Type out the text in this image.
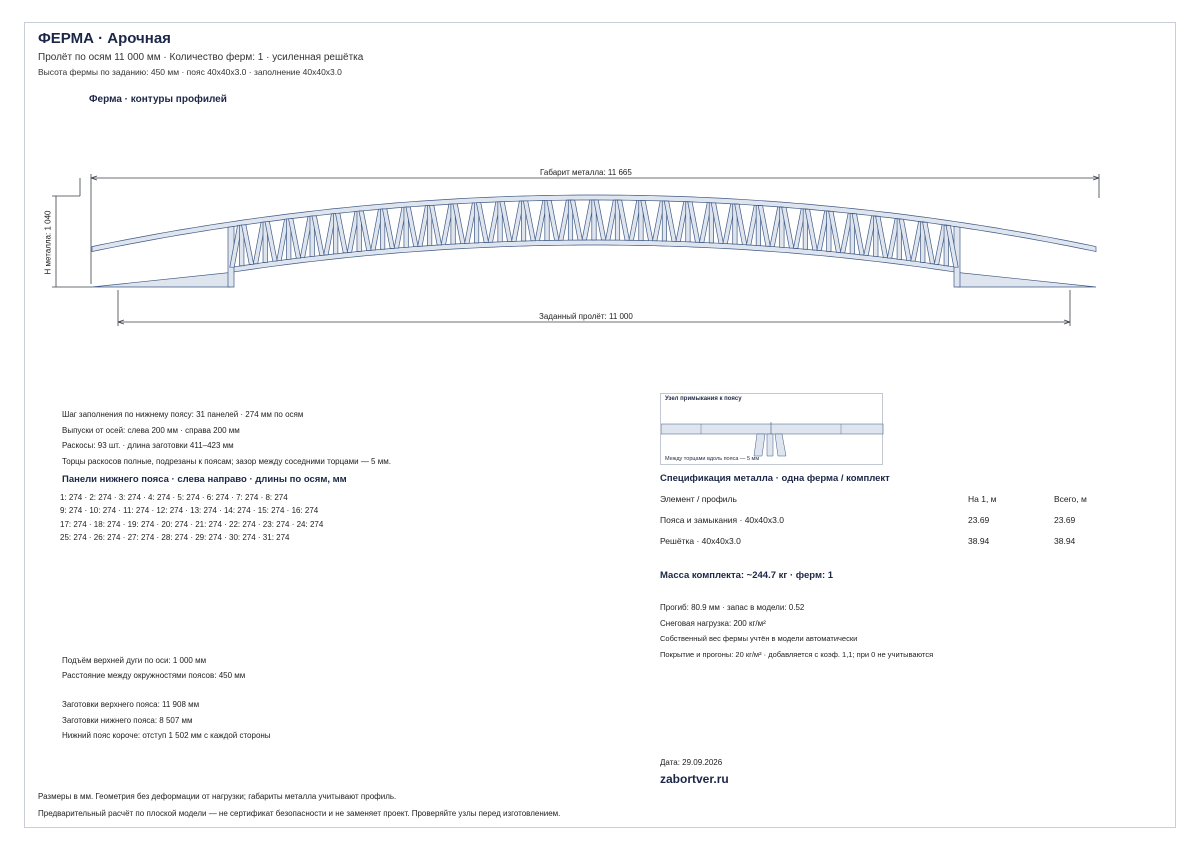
ФЕРМА · Арочная
Пролёт по осям 11 000 мм · Количество ферм: 1 · усиленная решётка
Высота фермы по заданию: 450 мм · пояс 40x40x3.0 · заполнение 40x40x3.0
Ферма · контуры профилей
Габарит металла: 11 665
Заданный пролёт: 11 000
Н металла: 1 040
Шаг заполнения по нижнему поясу: 31 панелей · 274 мм по осям
Выпуски от осей: слева 200 мм · справа 200 мм
Раскосы: 93 шт. · длина заготовки 411–423 мм
Торцы раскосов полные, подрезаны к поясам; зазор между соседними торцами — 5 мм.
Панели нижнего пояса · слева направо · длины по осям, мм
1: 274 · 2: 274 · 3: 274 · 4: 274 · 5: 274 · 6: 274 · 7: 274 · 8: 274
9: 274 · 10: 274 · 11: 274 · 12: 274 · 13: 274 · 14: 274 · 15: 274 · 16: 274
17: 274 · 18: 274 · 19: 274 · 20: 274 · 21: 274 · 22: 274 · 23: 274 · 24: 274
25: 274 · 26: 274 · 27: 274 · 28: 274 · 29: 274 · 30: 274 · 31: 274
Подъём верхней дуги по оси: 1 000 мм
Расстояние между окружностями поясов: 450 мм
Заготовки верхнего пояса: 11 908 мм
Заготовки нижнего пояса: 8 507 мм
Нижний пояс короче: отступ 1 502 мм с каждой стороны
Узел примыкания к поясу
Между торцами вдоль пояса — 5 мм
Спецификация металла · одна ферма / комплект
Элемент / профиль	На 1, м	Всего, м
Пояса и замыкания · 40x40x3.0	23.69	23.69
Решётка · 40x40x3.0	38.94	38.94
Масса комплекта: ~244.7 кг · ферм: 1
Прогиб: 80.9 мм · запас в модели: 0.52
Снеговая нагрузка: 200 кг/м²
Собственный вес фермы учтён в модели автоматически
Покрытие и прогоны: 20 кг/м² · добавляется с коэф. 1,1; при 0 не учитываются
Дата: 29.09.2026
zabortver.ru
Размеры в мм. Геометрия без деформации от нагрузки; габариты металла учитывают профиль.
Предварительный расчёт по плоской модели — не сертификат безопасности и не заменяет проект. Проверяйте узлы перед изготовлением.
